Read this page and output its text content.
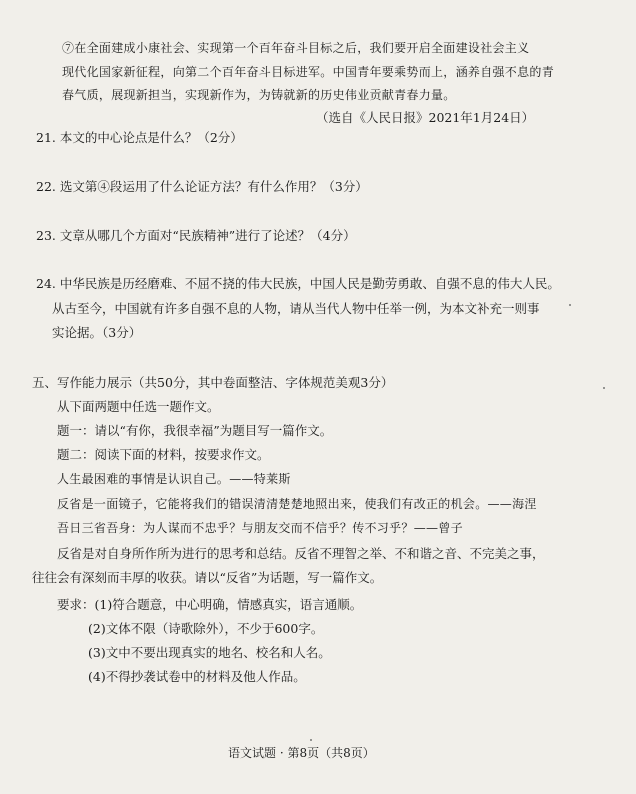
⑦在全面建成小康社会、实现第一个百年奋斗目标之后，我们要开启全面建设社会主义
现代化国家新征程，向第二个百年奋斗目标进军。中国青年要乘势而上，涵养自强不息的青
春气质，展现新担当，实现新作为，为铸就新的历史伟业贡献青春力量。
（选自《人民日报》2021年1月24日）
21. 本文的中心论点是什么？（2分）
22. 选文第④段运用了什么论证方法？有什么作用？（3分）
23. 文章从哪几个方面对“民族精神”进行了论述？（4分）
24. 中华民族是历经磨难、不屈不挠的伟大民族，中国人民是勤劳勇敢、自强不息的伟大人民。
从古至今，中国就有许多自强不息的人物，请从当代人物中任举一例，为本文补充一则事
实论据。（3分）
五、写作能力展示（共50分，其中卷面整洁、字体规范美观3分）
从下面两题中任选一题作文。
题一：请以“有你，我很幸福”为题目写一篇作文。
题二：阅读下面的材料，按要求作文。
人生最困难的事情是认识自己。——特莱斯
反省是一面镜子，它能将我们的错误清清楚楚地照出来，使我们有改正的机会。——海涅
吾日三省吾身：为人谋而不忠乎？与朋友交而不信乎？传不习乎？——曾子
反省是对自身所作所为进行的思考和总结。反省不理智之举、不和谐之音、不完美之事，
往往会有深刻而丰厚的收获。请以“反省”为话题，写一篇作文。
要求：(1)符合题意，中心明确，情感真实，语言通顺。
(2)文体不限（诗歌除外），不少于600字。
(3)文中不要出现真实的地名、校名和人名。
(4)不得抄袭试卷中的材料及他人作品。
语文试题 · 第8页（共8页）
